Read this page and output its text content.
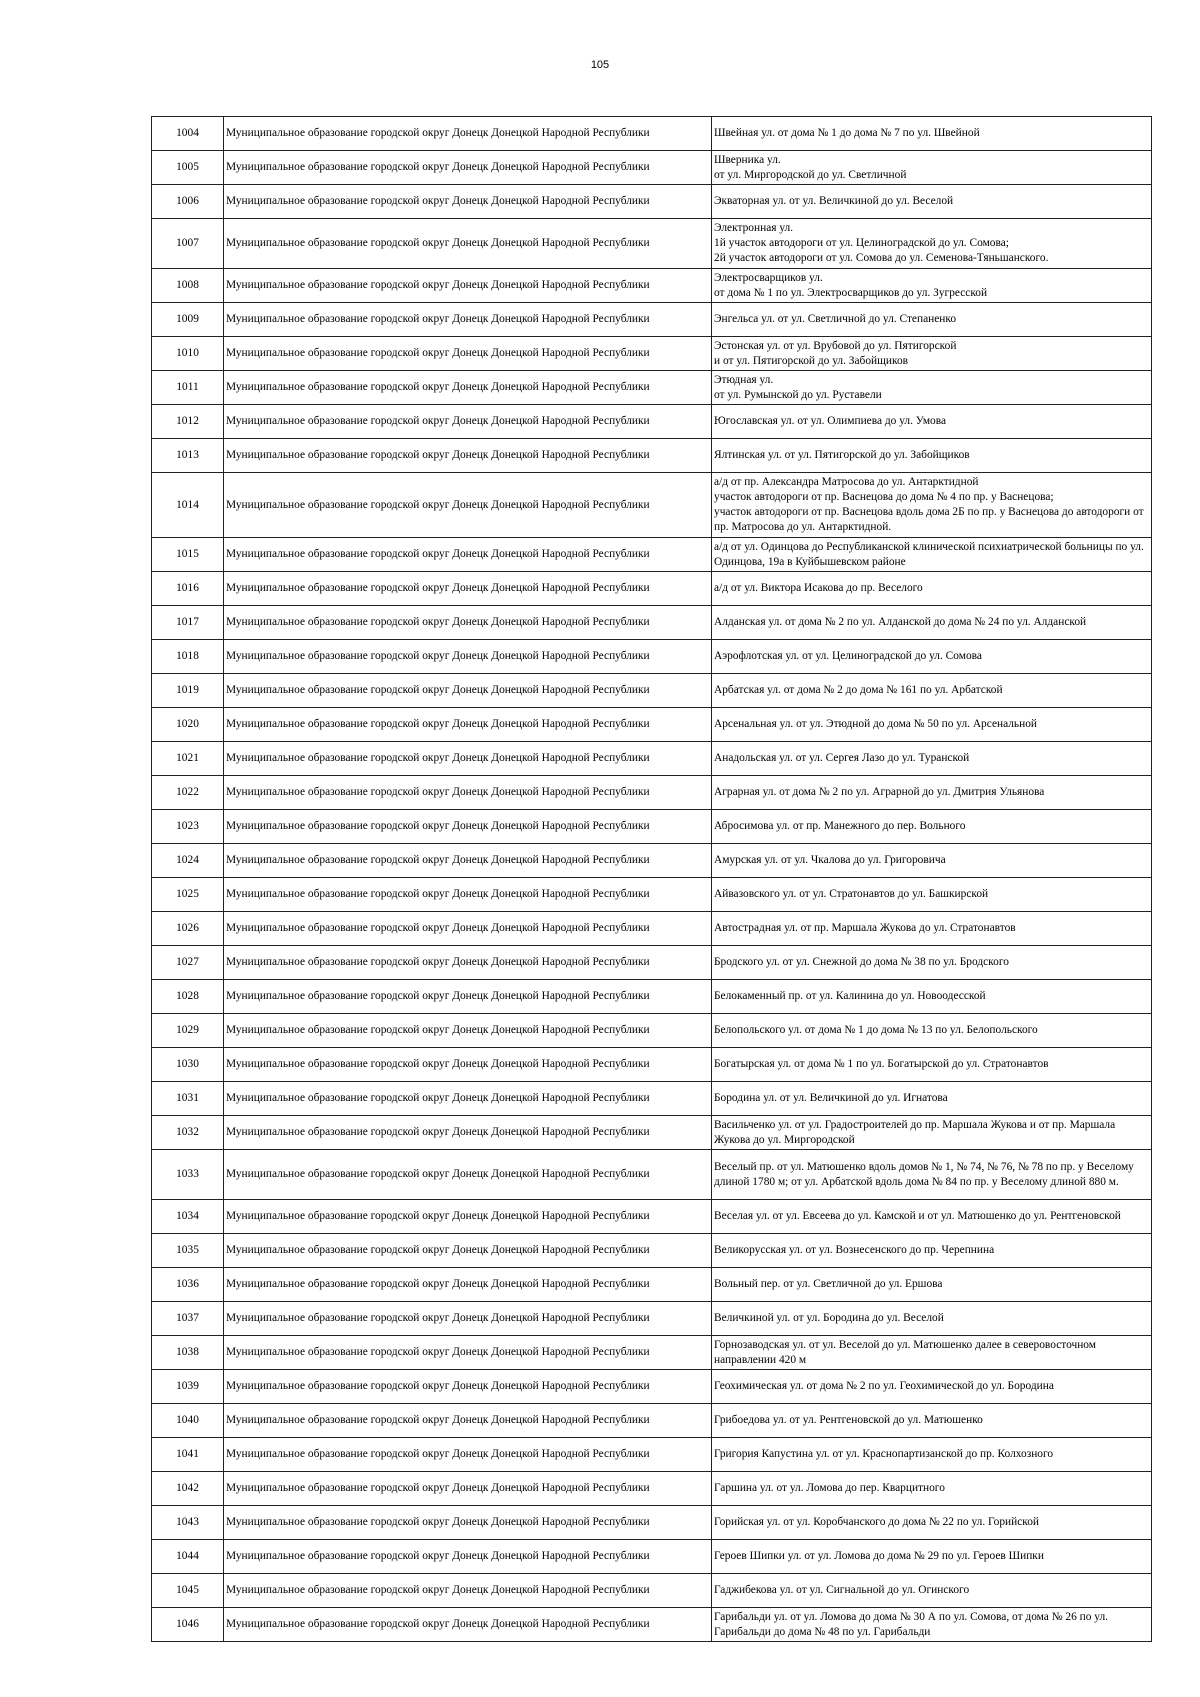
105
1004	Муниципальное образование городской округ Донецк Донецкой Народной Республики	Швейная ул. от дома № 1 до дома № 7 по ул. Швейной
1005	Муниципальное образование городской округ Донецк Донецкой Народной Республики	Шверника ул.
от ул. Миргородской до ул. Светличной
1006	Муниципальное образование городской округ Донецк Донецкой Народной Республики	Экваторная ул. от ул. Величкиной до ул. Веселой
1007	Муниципальное образование городской округ Донецк Донецкой Народной Республики	Электронная ул.
1й участок автодороги от ул. Целиноградской до ул. Сомова;
2й участок автодороги от ул. Сомова до ул. Семенова-Тяньшанского.
1008	Муниципальное образование городской округ Донецк Донецкой Народной Республики	Электросварщиков ул.
от дома № 1 по ул. Электросварщиков до ул. Зугресской
1009	Муниципальное образование городской округ Донецк Донецкой Народной Республики	Энгельса ул. от ул. Светличной до ул. Степаненко
1010	Муниципальное образование городской округ Донецк Донецкой Народной Республики	Эстонская ул. от ул. Врубовой до ул. Пятигорской
и от ул. Пятигорской до ул. Забойщиков
1011	Муниципальное образование городской округ Донецк Донецкой Народной Республики	Этюдная ул.
от ул. Румынской до ул. Руставели
1012	Муниципальное образование городской округ Донецк Донецкой Народной Республики	Югославская ул. от ул. Олимпиева до ул. Умова
1013	Муниципальное образование городской округ Донецк Донецкой Народной Республики	Ялтинская ул. от ул. Пятигорской до ул. Забойщиков
1014	Муниципальное образование городской округ Донецк Донецкой Народной Республики	а/д от пр. Александра Матросова до ул. Антарктидной
участок автодороги от пр. Васнецова до дома № 4 по пр. у Васнецова;
участок автодороги от пр. Васнецова вдоль дома 2Б по пр. у Васнецова до автодороги от пр. Матросова до ул. Антарктидной.
1015	Муниципальное образование городской округ Донецк Донецкой Народной Республики	а/д от ул. Одинцова до Республиканской клинической психиатрической больницы по ул. Одинцова, 19а в Куйбышевском районе
1016	Муниципальное образование городской округ Донецк Донецкой Народной Республики	а/д от ул. Виктора Исакова до пр. Веселого
1017	Муниципальное образование городской округ Донецк Донецкой Народной Республики	Алданская ул. от дома № 2 по ул. Алданской до дома № 24 по ул. Алданской
1018	Муниципальное образование городской округ Донецк Донецкой Народной Республики	Аэрофлотская ул. от ул. Целиноградской до ул. Сомова
1019	Муниципальное образование городской округ Донецк Донецкой Народной Республики	Арбатская ул. от дома № 2 до дома № 161 по ул. Арбатской
1020	Муниципальное образование городской округ Донецк Донецкой Народной Республики	Арсенальная ул. от ул. Этюдной до дома № 50 по ул. Арсенальной
1021	Муниципальное образование городской округ Донецк Донецкой Народной Республики	Анадольская ул. от ул. Сергея Лазо до ул. Туранской
1022	Муниципальное образование городской округ Донецк Донецкой Народной Республики	Аграрная ул. от дома № 2 по ул. Аграрной до ул. Дмитрия Ульянова
1023	Муниципальное образование городской округ Донецк Донецкой Народной Республики	Абросимова ул. от пр. Манежного до пер. Вольного
1024	Муниципальное образование городской округ Донецк Донецкой Народной Республики	Амурская ул. от ул. Чкалова до ул. Григоровича
1025	Муниципальное образование городской округ Донецк Донецкой Народной Республики	Айвазовского ул. от ул. Стратонавтов до ул. Башкирской
1026	Муниципальное образование городской округ Донецк Донецкой Народной Республики	Автострадная ул. от пр. Маршала Жукова до ул. Стратонавтов
1027	Муниципальное образование городской округ Донецк Донецкой Народной Республики	Бродского ул. от ул. Снежной до дома № 38 по ул. Бродского
1028	Муниципальное образование городской округ Донецк Донецкой Народной Республики	Белокаменный пр. от ул. Калинина до ул. Новоодесской
1029	Муниципальное образование городской округ Донецк Донецкой Народной Республики	Белопольского ул. от дома № 1 до дома № 13 по ул. Белопольского
1030	Муниципальное образование городской округ Донецк Донецкой Народной Республики	Богатырская ул. от дома № 1 по ул. Богатырской до ул. Стратонавтов
1031	Муниципальное образование городской округ Донецк Донецкой Народной Республики	Бородина ул. от ул. Величкиной до ул. Игнатова
1032	Муниципальное образование городской округ Донецк Донецкой Народной Республики	Васильченко ул. от ул. Градостроителей до пр. Маршала Жукова и от пр. Маршала Жукова до ул. Миргородской
1033	Муниципальное образование городской округ Донецк Донецкой Народной Республики	Веселый пр. от ул. Матюшенко вдоль домов № 1, № 74, № 76, № 78 по пр. у Веселому длиной 1780 м; от ул. Арбатской вдоль дома № 84 по пр. у Веселому длиной 880 м.
1034	Муниципальное образование городской округ Донецк Донецкой Народной Республики	Веселая ул. от ул. Евсеева до ул. Камской и от ул. Матюшенко до ул. Рентгеновской
1035	Муниципальное образование городской округ Донецк Донецкой Народной Республики	Великорусская ул. от ул. Вознесенского до пр. Черепнина
1036	Муниципальное образование городской округ Донецк Донецкой Народной Республики	Вольный пер. от ул. Светличной до ул. Ершова
1037	Муниципальное образование городской округ Донецк Донецкой Народной Республики	Величкиной ул. от ул. Бородина до ул. Веселой
1038	Муниципальное образование городской округ Донецк Донецкой Народной Республики	Горнозаводская ул. от ул. Веселой до ул. Матюшенко далее в северовосточном направлении 420 м
1039	Муниципальное образование городской округ Донецк Донецкой Народной Республики	Геохимическая ул. от дома № 2 по ул. Геохимической до ул. Бородина
1040	Муниципальное образование городской округ Донецк Донецкой Народной Республики	Грибоедова ул. от ул. Рентгеновской до ул. Матюшенко
1041	Муниципальное образование городской округ Донецк Донецкой Народной Республики	Григория Капустина ул. от ул. Краснопартизанской до пр. Колхозного
1042	Муниципальное образование городской округ Донецк Донецкой Народной Республики	Гаршина ул. от ул. Ломова до пер. Кварцитного
1043	Муниципальное образование городской округ Донецк Донецкой Народной Республики	Горийская ул. от ул. Коробчанского до дома № 22 по ул. Горийской
1044	Муниципальное образование городской округ Донецк Донецкой Народной Республики	Героев Шипки ул. от ул. Ломова до дома № 29 по ул. Героев Шипки
1045	Муниципальное образование городской округ Донецк Донецкой Народной Республики	Гаджибекова ул. от ул. Сигнальной до ул. Огинского
1046	Муниципальное образование городской округ Донецк Донецкой Народной Республики	Гарибальди ул. от ул. Ломова до дома № 30 А по ул. Сомова, от дома № 26 по ул. Гарибальди до дома № 48 по ул. Гарибальди
